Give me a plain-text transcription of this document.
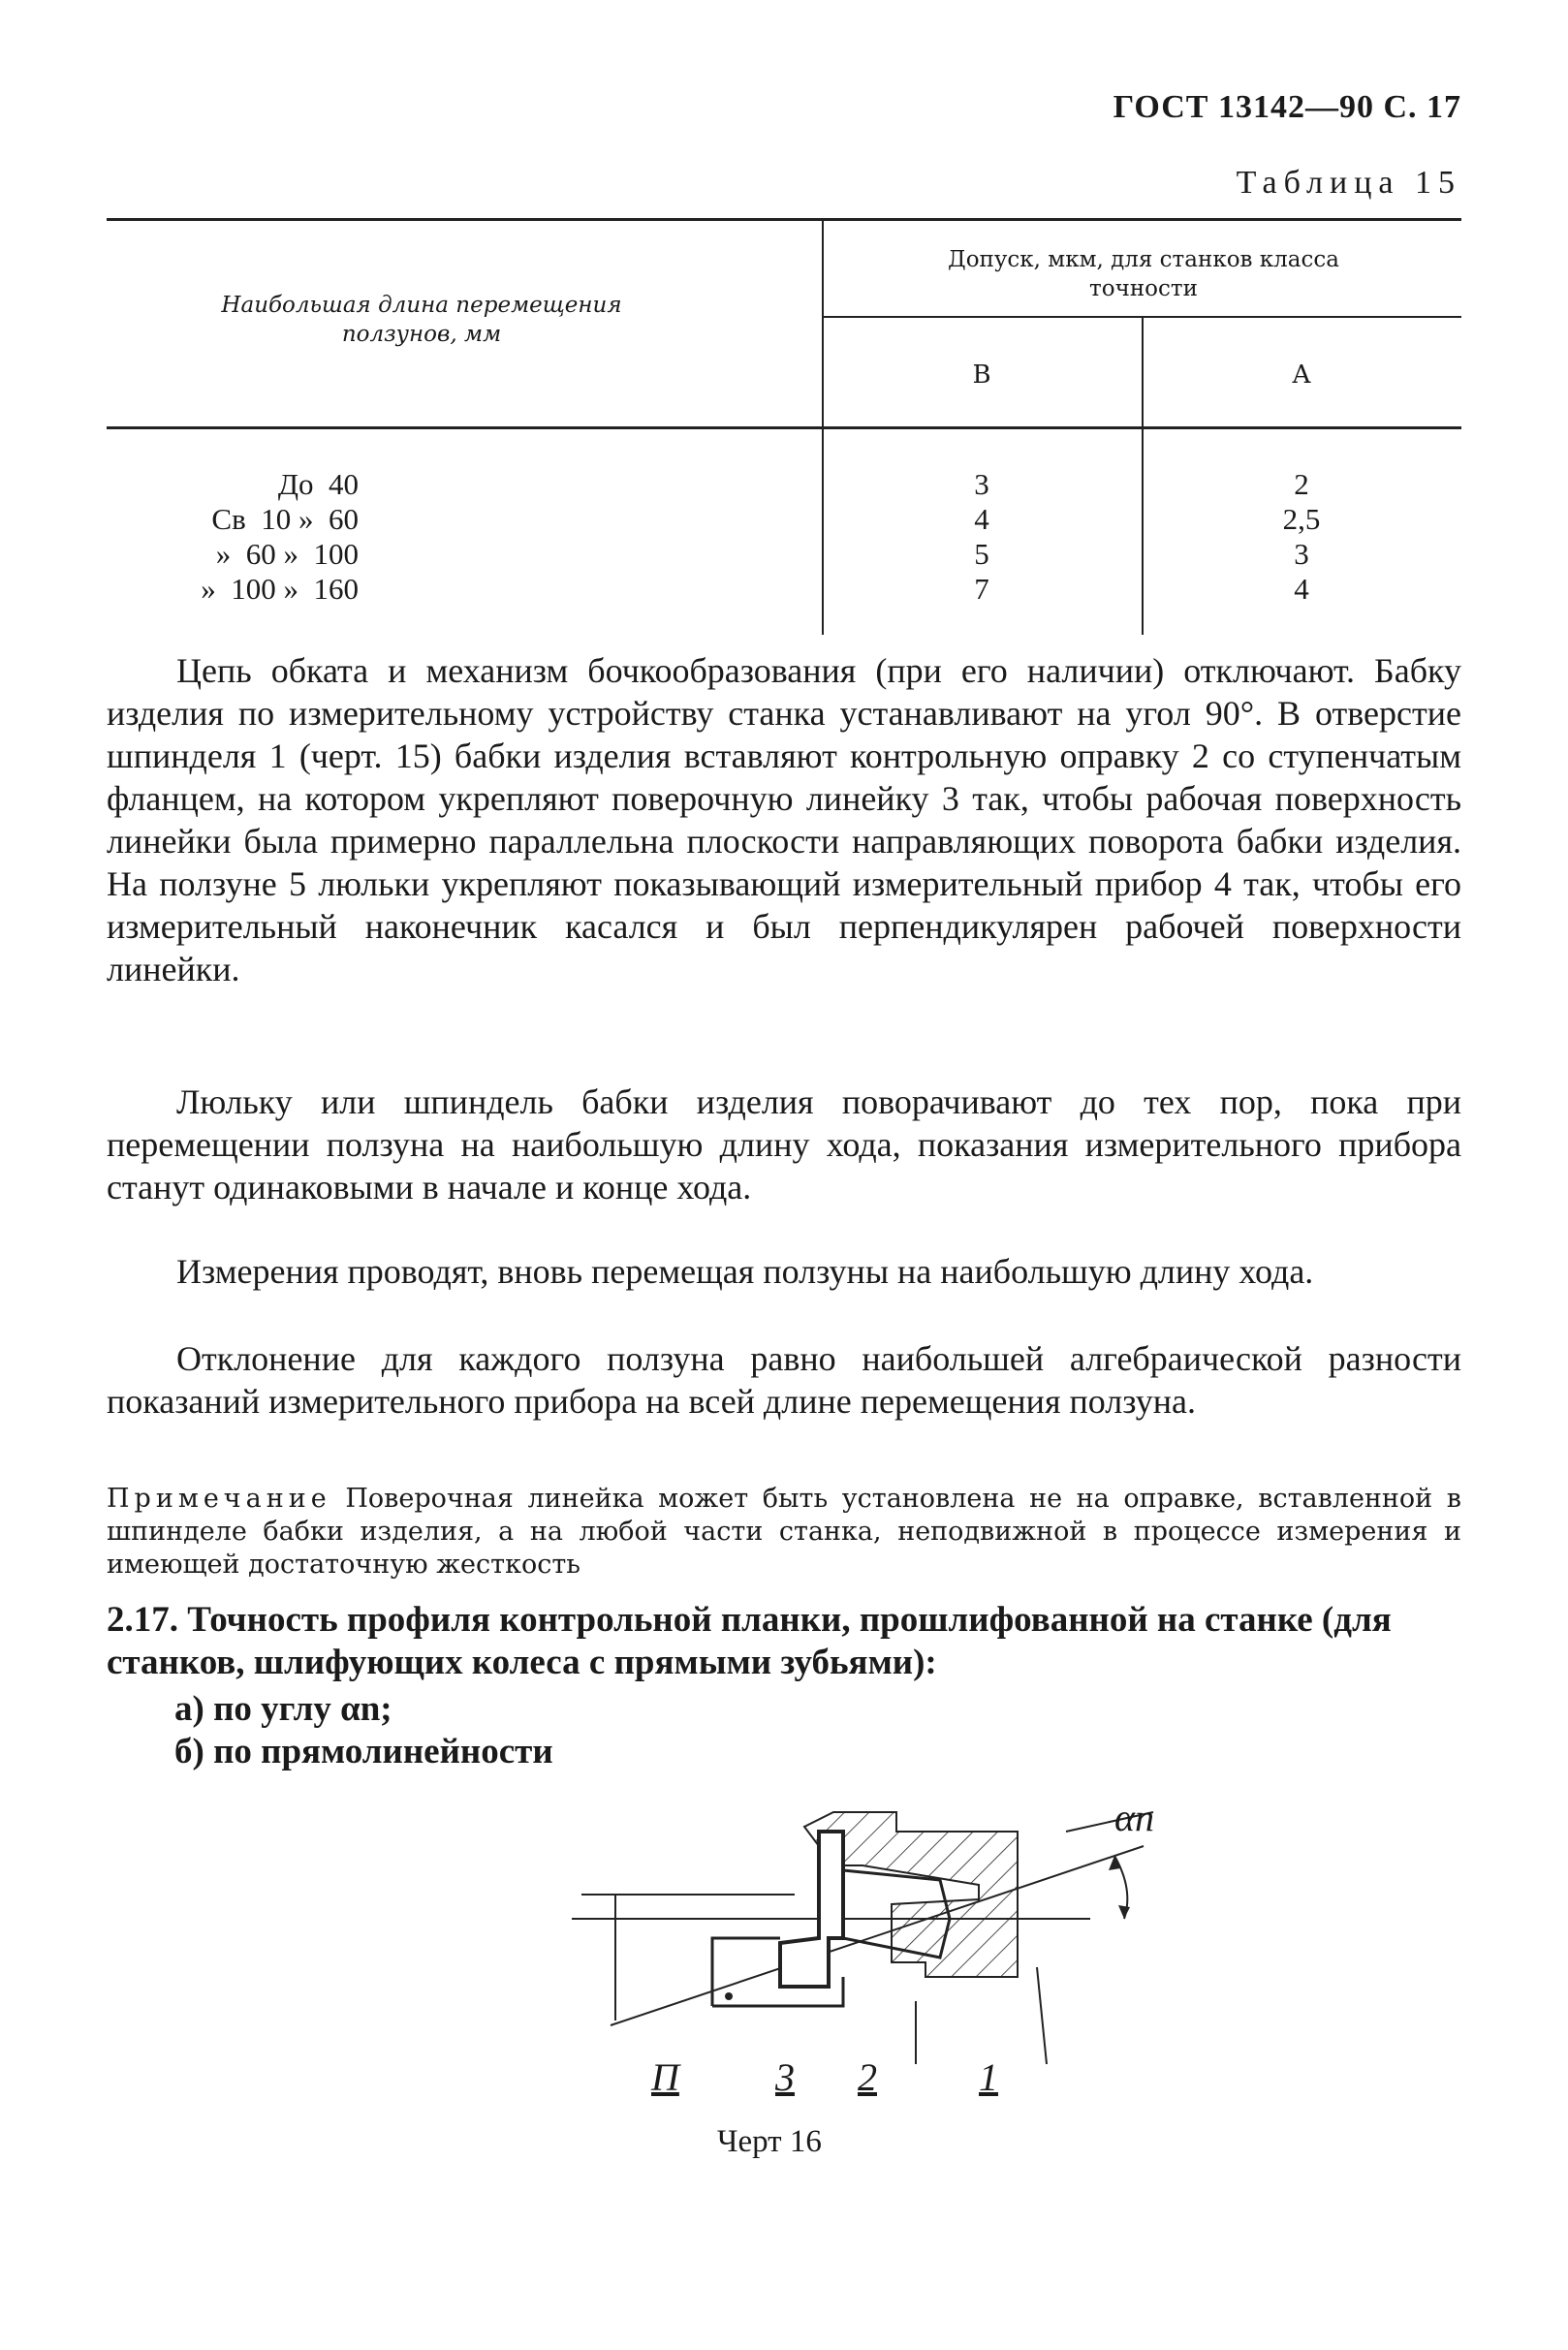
ГОСТ 13142—90 С. 17
Таблица 15
Наибольшая длина перемещения ползунов, мм
Допуск, мкм, для станков класса точности
В	А
До  40
Св  10 »  60
»  60 »  100
»  100 »  160
3
4
5
7
2
2,5
3
4
Цепь обката и механизм бочкообразования (при его наличии) отключают. Бабку изделия по измерительному устройству станка устанавливают на угол 90°. В отверстие шпинделя 1 (черт. 15) бабки изделия вставляют контрольную оправку 2 со ступенчатым фланцем, на котором укрепляют поверочную линейку 3 так, чтобы рабочая поверхность линейки была примерно параллельна плоскости направляющих поворота бабки изделия. На ползуне 5 люльки укрепляют показывающий измерительный прибор 4 так, чтобы его измерительный наконечник касался и был перпендикулярен рабочей поверхности линейки.
Люльку или шпиндель бабки изделия поворачивают до тех пор, пока при перемещении ползуна на наибольшую длину хода, показания измерительного прибора станут одинаковыми в начале и конце хода.
Измерения проводят, вновь перемещая ползуны на наибольшую длину хода.
Отклонение для каждого ползуна равно наибольшей алгебраической разности показаний измерительного прибора на всей длине перемещения ползуна.
Примечание Поверочная линейка может быть установлена не на оправке, вставленной в шпинделе бабки изделия, а на любой части станка, неподвижной в процессе измерения и имеющей достаточную жесткость
2.17. Точность профиля контрольной планки, прошлифованной на станке (для станков, шлифующих колеса с прямыми зубьями):
а) по углу αn;
б) по прямолинейности
αn
П 3 2	1
Черт 16
